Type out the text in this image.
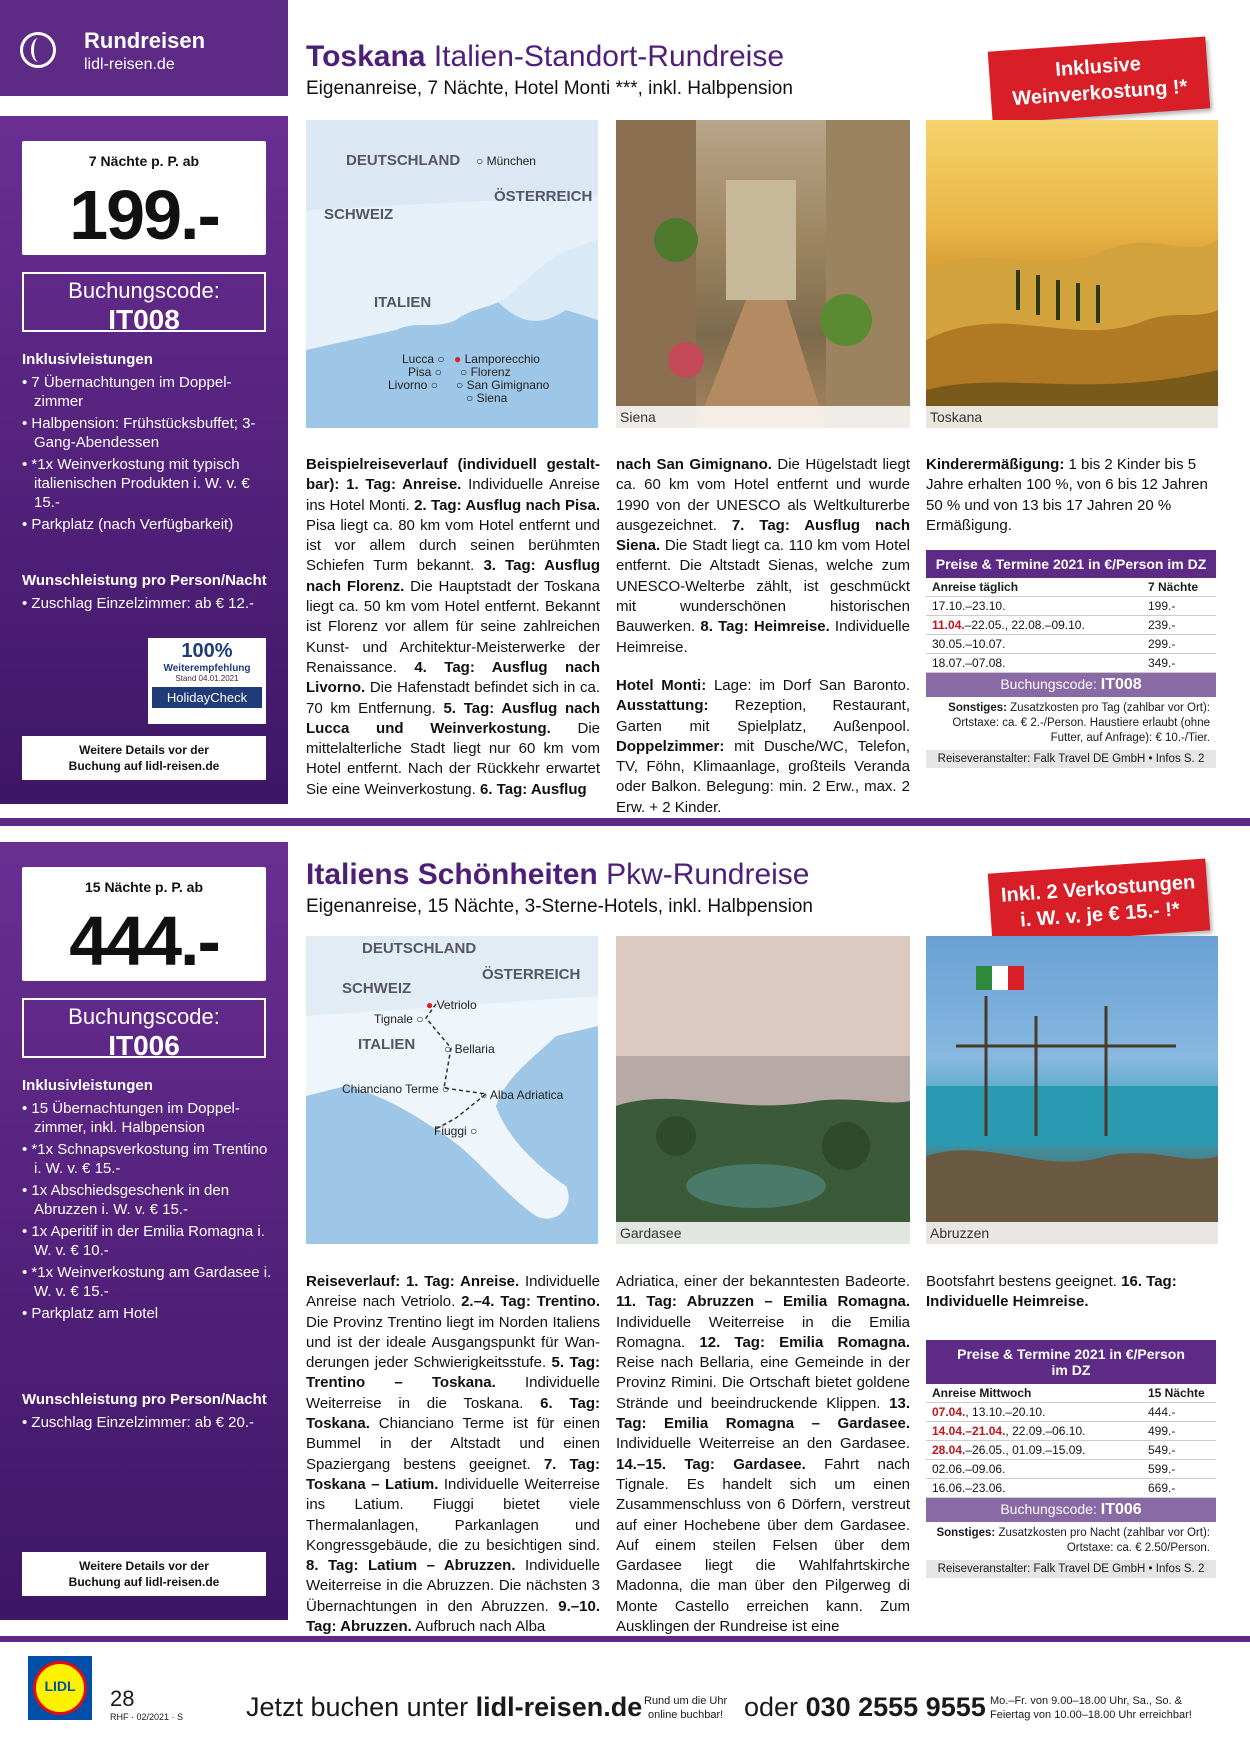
Rundreisen
lidl-reisen.de
7 Nächte p. P. ab
199.-
Buchungscode:
IT008
Inklusivleistungen
• 7 Übernachtungen im Doppelzimmer
• Halbpension: Frühstücksbuffet; 3-Gang-Abendessen
• *1x Weinverkostung mit typisch italienischen Produkten i. W. v. € 15.-
• Parkplatz (nach Verfügbarkeit)
Wunschleistung pro Person/Nacht
• Zuschlag Einzelzimmer: ab € 12.-
100%
Weiterempfehlung
Stand 04.01.2021
HolidayCheck
Weitere Details vor der
Buchung auf lidl-reisen.de
Toskana Italien-Standort-Rundreise
Eigenanreise, 7 Nächte, Hotel Monti ***, inkl. Halbpension
Inklusive
Weinverkostung !*
DEUTSCHLAND
SCHWEIZ
ÖSTERREICH
ITALIEN
○ München
Lucca ○ ● Lamporecchio
Pisa ○ ○ Florenz
Livorno ○ ○ San Gimignano
○ Siena
Siena	Toskana
Beispielreiseverlauf (individuell gestaltbar): 1. Tag: Anreise. Individuelle Anreise ins Hotel Monti. 2. Tag: Ausflug nach Pisa. Pisa liegt ca. 80 km vom Hotel entfernt und ist vor allem durch seinen berühmten Schiefen Turm bekannt. 3. Tag: Ausflug nach Florenz. Die Hauptstadt der Toskana liegt ca. 50 km vom Hotel entfernt. Bekannt ist Florenz vor allem für seine zahlreichen Kunst- und Architektur-Meisterwerke der Renaissance. 4. Tag: Ausflug nach Livorno. Die Hafenstadt befindet sich in ca. 70 km Entfernung. 5. Tag: Ausflug nach Lucca und Weinverkostung. Die mittelalterliche Stadt liegt nur 60 km vom Hotel entfernt. Nach der Rückkehr erwartet Sie eine Weinverkostung. 6. Tag: Ausflug
nach San Gimignano. Die Hügelstadt liegt ca. 60 km vom Hotel entfernt und wurde 1990 von der UNESCO als Weltkulturerbe ausgezeichnet. 7. Tag: Ausflug nach Siena. Die Stadt liegt ca. 110 km vom Hotel entfernt. Die Altstadt Sienas, welche zum UNESCO-Welterbe zählt, ist geschmückt mit wunderschönen historischen Bauwerken. 8. Tag: Heimreise. Individuelle Heimreise.
Hotel Monti: Lage: im Dorf San Baronto. Ausstattung: Rezeption, Restaurant, Garten mit Spielplatz, Außenpool. Doppelzimmer: mit Dusche/WC, Telefon, TV, Föhn, Klimaanlage, großteils Veranda oder Balkon. Belegung: min. 2 Erw., max. 2 Erw. + 2 Kinder.
Kinderermäßigung: 1 bis 2 Kinder bis 5 Jahre erhalten 100 %, von 6 bis 12 Jahren 50 % und von 13 bis 17 Jahren 20 % Ermäßigung.
Preise & Termine 2021 in €/Person im DZ
Anreise täglich	7 Nächte
17.10.–23.10.	199.-
11.04.–22.05., 22.08.–09.10.	239.-
30.05.–10.07.	299.-
18.07.–07.08.	349.-
Buchungscode: IT008
Sonstiges: Zusatzkosten pro Tag (zahlbar vor Ort): Ortstaxe: ca. € 2.-/Person. Haustiere erlaubt (ohne Futter, auf Anfrage): € 10.-/Tier.
Reiseveranstalter: Falk Travel DE GmbH • Infos S. 2
15 Nächte p. P. ab
444.-
Buchungscode:
IT006
Inklusivleistungen
• 15 Übernachtungen im Doppelzimmer, inkl. Halbpension
• *1x Schnapsverkostung im Trentino i. W. v. € 15.-
• 1x Abschiedsgeschenk in den Abruzzen i. W. v. € 15.-
• 1x Aperitif in der Emilia Romagna i. W. v. € 10.-
• *1x Weinverkostung am Gardasee i. W. v. € 15.-
• Parkplatz am Hotel
Wunschleistung pro Person/Nacht
• Zuschlag Einzelzimmer: ab € 20.-
Weitere Details vor der
Buchung auf lidl-reisen.de
Italiens Schönheiten Pkw-Rundreise
Eigenanreise, 15 Nächte, 3-Sterne-Hotels, inkl. Halbpension	Inkl. 2 Verkostungen
i. W. v. je € 15.- !*
DEUTSCHLAND
SCHWEIZ
ÖSTERREICH
ITALIEN
● Vetriolo
Tignale ○
○ Bellaria
Chianciano Terme ○	○ Alba Adriatica
Fiuggi ○
Gardasee	Abruzzen
Reiseverlauf: 1. Tag: Anreise. Individuelle Anreise nach Vetriolo. 2.–4. Tag: Trentino. Die Provinz Trentino liegt im Norden Italiens und ist der ideale Ausgangspunkt für Wanderungen jeder Schwierigkeitsstufe. 5. Tag: Trentino – Toskana. Individuelle Weiterreise in die Toskana. 6. Tag: Toskana. Chianciano Terme ist für einen Bummel in der Altstadt und einen Spaziergang bestens geeignet. 7. Tag: Toskana – Latium. Individuelle Weiterreise ins Latium. Fiuggi bietet viele Thermalanlagen, Parkanlagen und Kongressgebäude, die zu besichtigen sind. 8. Tag: Latium – Abruzzen. Individuelle Weiterreise in die Abruzzen. Die nächsten 3 Übernachtungen in den Abruzzen. 9.–10. Tag: Abruzzen. Aufbruch nach Alba
Adriatica, einer der bekanntesten Badeorte. 11. Tag: Abruzzen – Emilia Romagna. Individuelle Weiterreise in die Emilia Romagna. 12. Tag: Emilia Romagna. Reise nach Bellaria, eine Gemeinde in der Provinz Rimini. Die Ortschaft bietet goldene Strände und beeindruckende Klippen. 13. Tag: Emilia Romagna – Gardasee. Individuelle Weiterreise an den Gardasee. 14.–15. Tag: Gardasee. Fahrt nach Tignale. Es handelt sich um einen Zusammenschluss von 6 Dörfern, verstreut auf einer Hochebene über dem Gardasee. Auf einem steilen Felsen über dem Gardasee liegt die Wahlfahrtskirche Madonna, die man über den Pilgerweg di Monte Castello erreichen kann. Zum Ausklingen der Rundreise ist eine
Bootsfahrt bestens geeignet. 16. Tag: Individuelle Heimreise.
Preise & Termine 2021 in €/Person im DZ
Anreise Mittwoch	15 Nächte
07.04., 13.10.–20.10.	444.-
14.04.–21.04., 22.09.–06.10.	499.-
28.04.–26.05., 01.09.–15.09.	549.-
02.06.–09.06.	599.-
16.06.–23.06.	669.-
Buchungscode: IT006
Sonstiges: Zusatzkosten pro Nacht (zahlbar vor Ort): Ortstaxe: ca. € 2.50/Person.
Reiseveranstalter: Falk Travel DE GmbH • Infos S. 2
LIDL 28
RHF · 02/2021 · S Jetzt buchen unter lidl-reisen.de Rund um die Uhr
online buchbar! oder 030 2555 9555 Mo.–Fr. von 9.00–18.00 Uhr, Sa., So. &
Feiertag von 10.00–18.00 Uhr erreichbar!
